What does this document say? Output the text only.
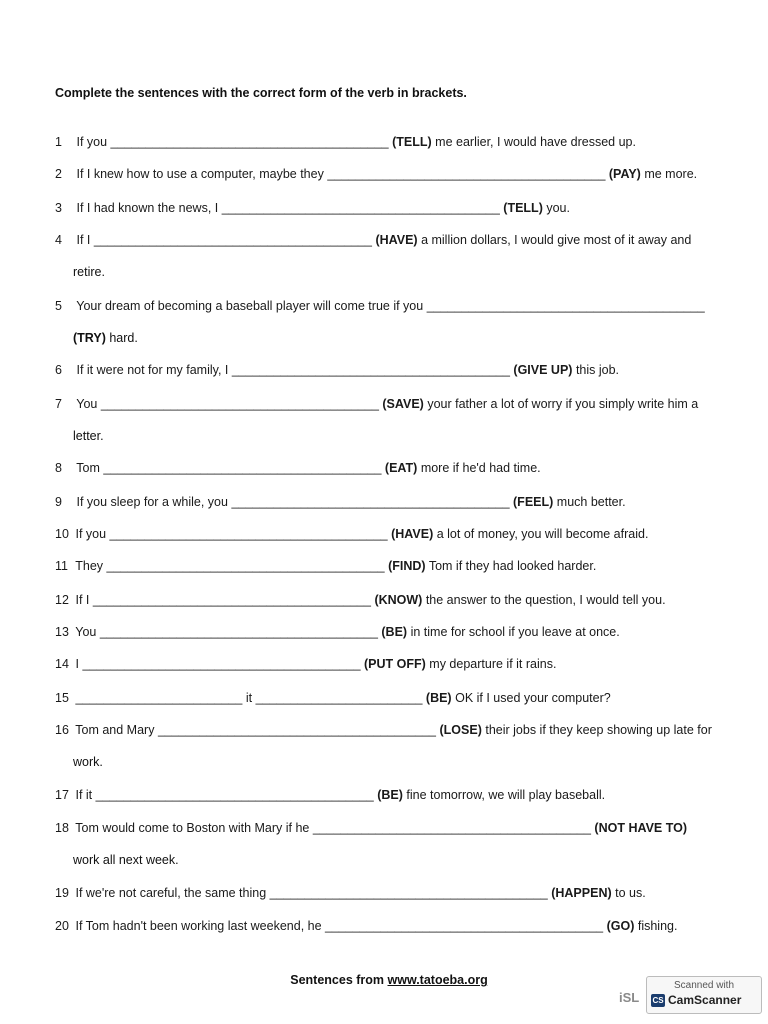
Complete the sentences with the correct form of the verb in brackets.
1 If you ________________________________________ (TELL) me earlier, I would have dressed up.
2 If I knew how to use a computer, maybe they ________________________________________ (PAY) me more.
3 If I had known the news, I ________________________________________ (TELL) you.
4 If I ________________________________________ (HAVE) a million dollars, I would give most of it away and
retire.
5 Your dream of becoming a baseball player will come true if you ________________________________________
(TRY) hard.
6 If it were not for my family, I ________________________________________ (GIVE UP) this job.
7 You ________________________________________ (SAVE) your father a lot of worry if you simply write him a
letter.
8 Tom ________________________________________ (EAT) more if he'd had time.
9 If you sleep for a while, you ________________________________________ (FEEL) much better.
10 If you ________________________________________ (HAVE) a lot of money, you will become afraid.
11 They ________________________________________ (FIND) Tom if they had looked harder.
12 If I ________________________________________ (KNOW) the answer to the question, I would tell you.
13 You ________________________________________ (BE) in time for school if you leave at once.
14 I ________________________________________ (PUT OFF) my departure if it rains.
15 ________________________ it ________________________ (BE) OK if I used your computer?
16 Tom and Mary ________________________________________ (LOSE) their jobs if they keep showing up late for
work.
17 If it ________________________________________ (BE) fine tomorrow, we will play baseball.
18 Tom would come to Boston with Mary if he ________________________________________ (NOT HAVE TO)
work all next week.
19 If we're not careful, the same thing ________________________________________ (HAPPEN) to us.
20 If Tom hadn't been working last weekend, he ________________________________________ (GO) fishing.
Sentences from www.tatoeba.org
iSL
Scanned with
CS CamScanner
